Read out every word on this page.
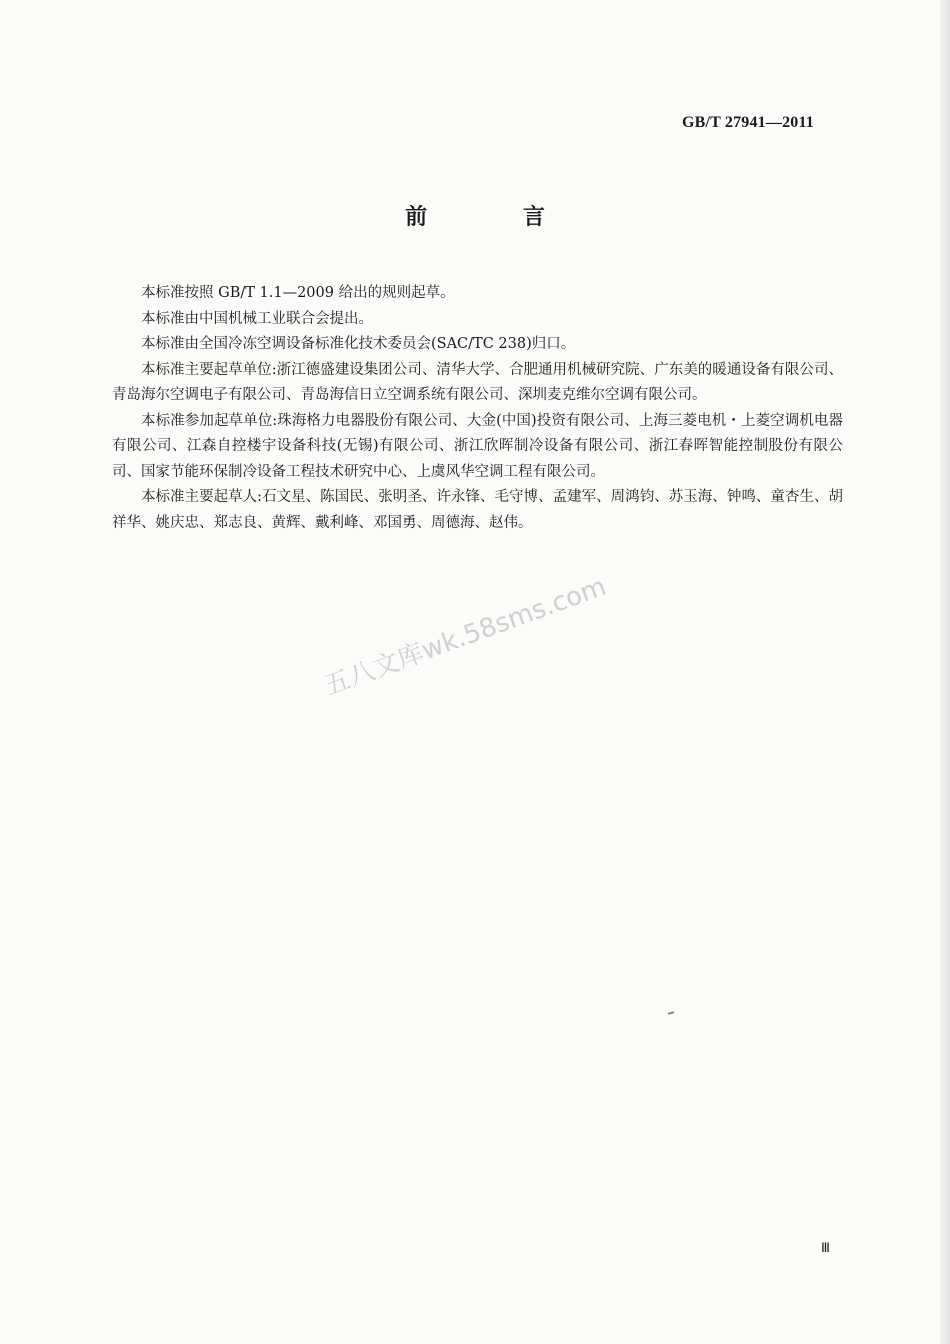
GB/T 27941—2011
前 言

本标准按照 GB/T 1.1—2009 给出的规则起草。

本标准由中国机械工业联合会提出。

本标准由全国冷冻空调设备标准化技术委员会(SAC/TC 238)归口。

本标准主要起草单位:浙江德盛建设集团公司、清华大学、合肥通用机械研究院、广东美的暖通设备有限公司、青岛海尔空调电子有限公司、青岛海信日立空调系统有限公司、深圳麦克维尔空调有限公司。

本标准参加起草单位:珠海格力电器股份有限公司、大金(中国)投资有限公司、上海三菱电机・上菱空调机电器有限公司、江森自控楼宇设备科技(无锡)有限公司、浙江欣晖制冷设备有限公司、浙江春晖智能控制股份有限公司、国家节能环保制冷设备工程技术研究中心、上虞风华空调工程有限公司。

本标准主要起草人:石文星、陈国民、张明圣、许永锋、毛守博、孟建军、周鸿钧、苏玉海、钟鸣、童杏生、胡祥华、姚庆忠、郑志良、黄辉、戴利峰、邓国勇、周德海、赵伟。

五八文库wk.58sms.com
Ⅲ
